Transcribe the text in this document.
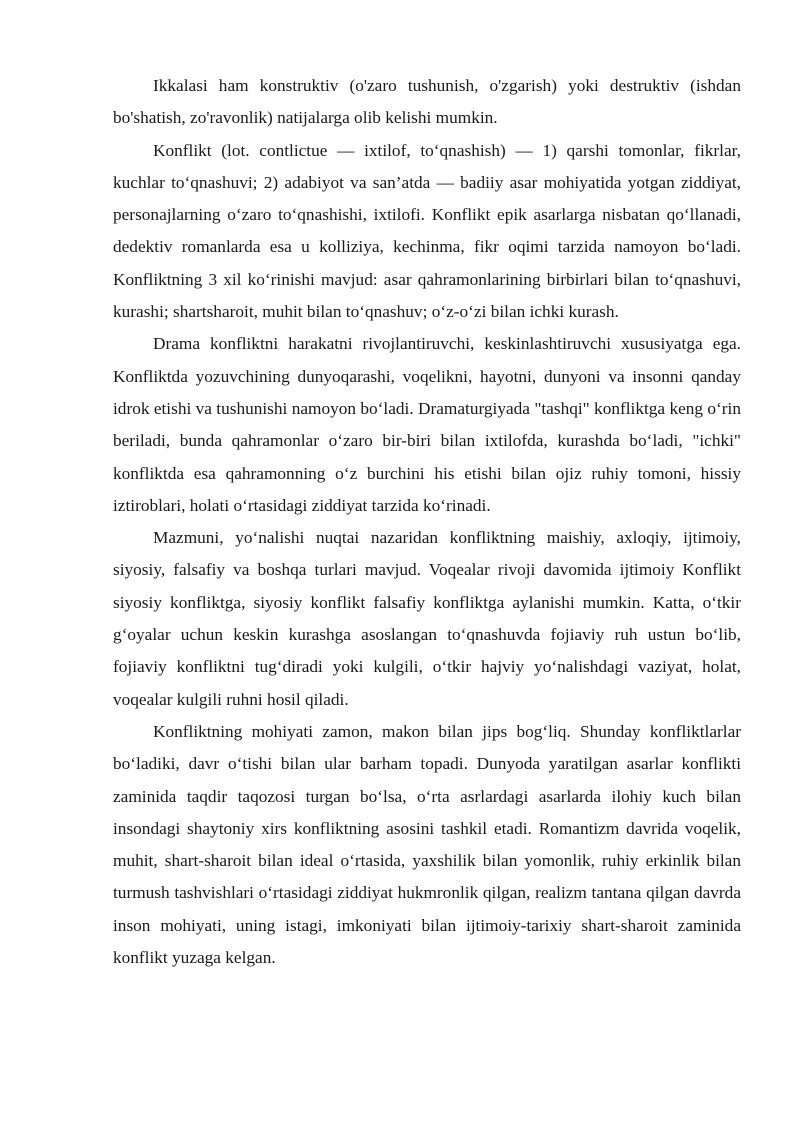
Ikkalasi ham konstruktiv (o'zaro tushunish, o'zgarish) yoki destruktiv (ishdan bo'shatish, zo'ravonlik) natijalarga olib kelishi mumkin.

Konflikt (lot. contlictue — ixtilof, to‘qnashish) — 1) qarshi tomonlar, fikrlar, kuchlar to‘qnashuvi; 2) adabiyot va san’atda — badiiy asar mohiyatida yotgan ziddiyat, personajlarning o‘zaro to‘qnashishi, ixtilofi. Konflikt epik asarlarga nisbatan qo‘llanadi, dedektiv romanlarda esa u kolliziya, kechinma, fikr oqimi tarzida namoyon bo‘ladi. Konfliktning 3 xil ko‘rinishi mavjud: asar qahramonlarining birbirlari bilan to‘qnashuvi, kurashi; shartsharoit, muhit bilan to‘qnashuv; o‘z-o‘zi bilan ichki kurash.

Drama konfliktni harakatni rivojlantiruvchi, keskinlashtiruvchi xususiyatga ega. Konfliktda yozuvchining dunyoqarashi, voqelikni, hayotni, dunyoni va insonni qanday idrok etishi va tushunishi namoyon bo‘ladi. Dramaturgiyada "tashqi" konfliktga keng o‘rin beriladi, bunda qahramonlar o‘zaro bir-biri bilan ixtilofda, kurashda bo‘ladi, "ichki" konfliktda esa qahramonning o‘z burchini his etishi bilan ojiz ruhiy tomoni, hissiy iztiroblari, holati o‘rtasidagi ziddiyat tarzida ko‘rinadi.

Mazmuni, yo‘nalishi nuqtai nazaridan konfliktning maishiy, axloqiy, ijtimoiy, siyosiy, falsafiy va boshqa turlari mavjud. Voqealar rivoji davomida ijtimoiy Konflikt siyosiy konfliktga, siyosiy konflikt falsafiy konfliktga aylanishi mumkin. Katta, o‘tkir g‘oyalar uchun keskin kurashga asoslangan to‘qnashuvda fojiaviy ruh ustun bo‘lib, fojiaviy konfliktni tug‘diradi yoki kulgili, o‘tkir hajviy yo‘nalishdagi vaziyat, holat, voqealar kulgili ruhni hosil qiladi.

Konfliktning mohiyati zamon, makon bilan jips bog‘liq. Shunday konfliktlarlar bo‘ladiki, davr o‘tishi bilan ular barham topadi. Dunyoda yaratilgan asarlar konflikti zaminida taqdir taqozosi turgan bo‘lsa, o‘rta asrlardagi asarlarda ilohiy kuch bilan insondagi shaytoniy xirs konfliktning asosini tashkil etadi. Romantizm davrida voqelik, muhit, shart-sharoit bilan ideal o‘rtasida, yaxshilik bilan yomonlik, ruhiy erkinlik bilan turmush tashvishlari o‘rtasidagi ziddiyat hukmronlik qilgan, realizm tantana qilgan davrda inson mohiyati, uning istagi, imkoniyati bilan ijtimoiy-tarixiy shart-sharoit zaminida konflikt yuzaga kelgan.
